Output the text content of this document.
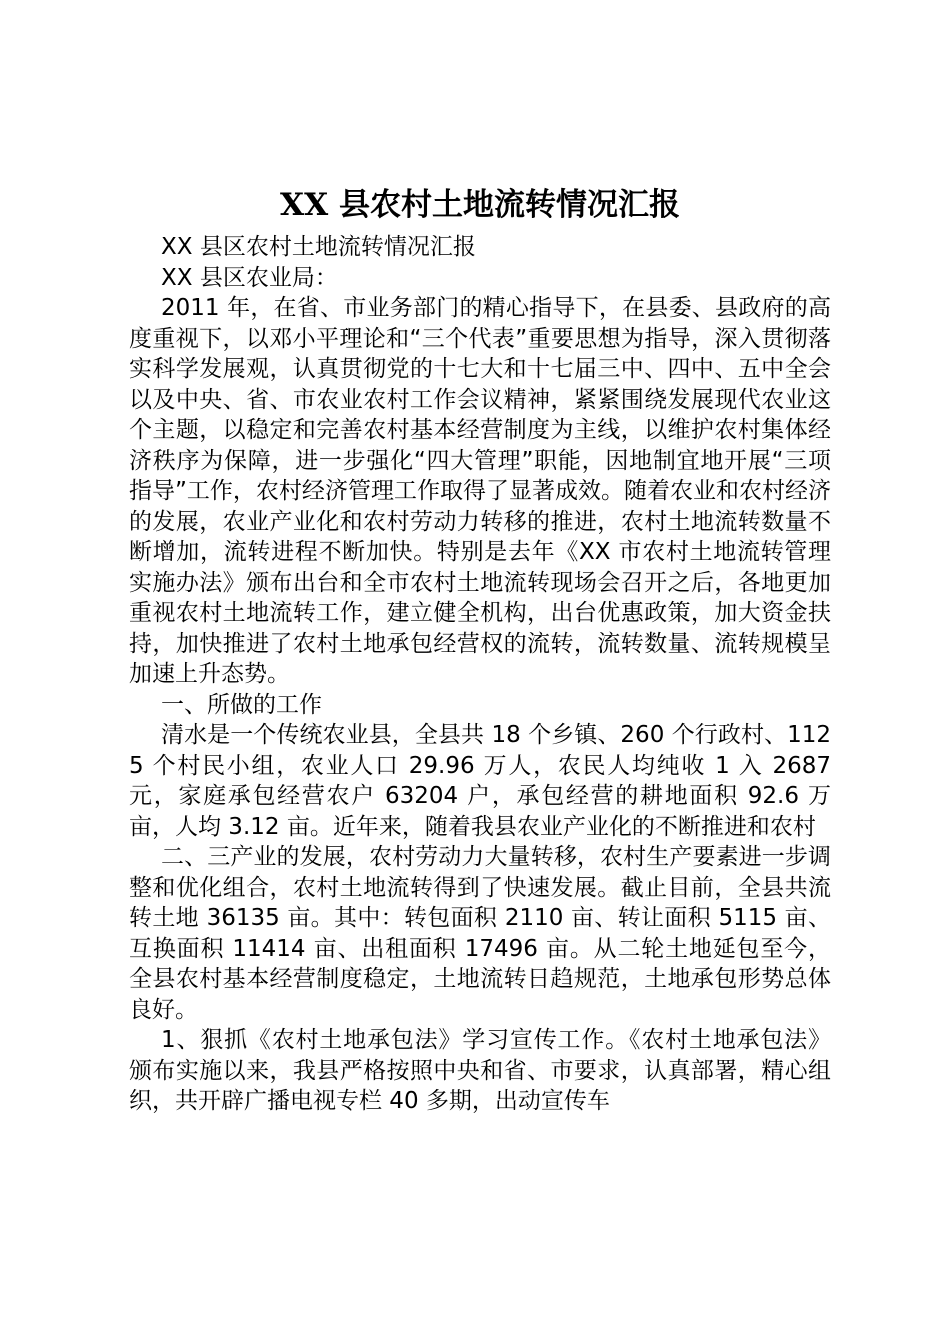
XX 县农村土地流转情况汇报

XX 县区农村土地流转情况汇报

XX 县区农业局：

2011 年，在省、市业务部门的精心指导下，在县委、县政府的高度重视下，以邓小平理论和“三个代表”重要思想为指导，深入贯彻落实科学发展观，认真贯彻党的十七大和十七届三中、四中、五中全会以及中央、省、市农业农村工作会议精神，紧紧围绕发展现代农业这个主题，以稳定和完善农村基本经营制度为主线，以维护农村集体经济秩序为保障，进一步强化“四大管理”职能，因地制宜地开展“三项指导”工作，农村经济管理工作取得了显著成效。随着农业和农村经济的发展，农业产业化和农村劳动力转移的推进，农村土地流转数量不断增加，流转进程不断加快。特别是去年《XX 市农村土地流转管理实施办法》颁布出台和全市农村土地流转现场会召开之后，各地更加重视农村土地流转工作，建立健全机构，出台优惠政策，加大资金扶持，加快推进了农村土地承包经营权的流转，流转数量、流转规模呈加速上升态势。

一、所做的工作

清水是一个传统农业县，全县共 18 个乡镇、260 个行政村、1125 个村民小组，农业人口 29.96 万人，农民人均纯收 1 入 2687 元，家庭承包经营农户 63204 户，承包经营的耕地面积 92.6 万亩，人均 3.12 亩。近年来，随着我县农业产业化的不断推进和农村

二、三产业的发展，农村劳动力大量转移，农村生产要素进一步调整和优化组合，农村土地流转得到了快速发展。截止目前，全县共流转土地 36135 亩。其中：转包面积 2110 亩、转让面积 5115 亩、互换面积 11414 亩、出租面积 17496 亩。从二轮土地延包至今，全县农村基本经营制度稳定，土地流转日趋规范，土地承包形势总体良好。

1、狠抓《农村土地承包法》学习宣传工作。《农村土地承包法》颁布实施以来，我县严格按照中央和省、市要求，认真部署，精心组织，共开辟广播电视专栏 40 多期，出动宣传车
